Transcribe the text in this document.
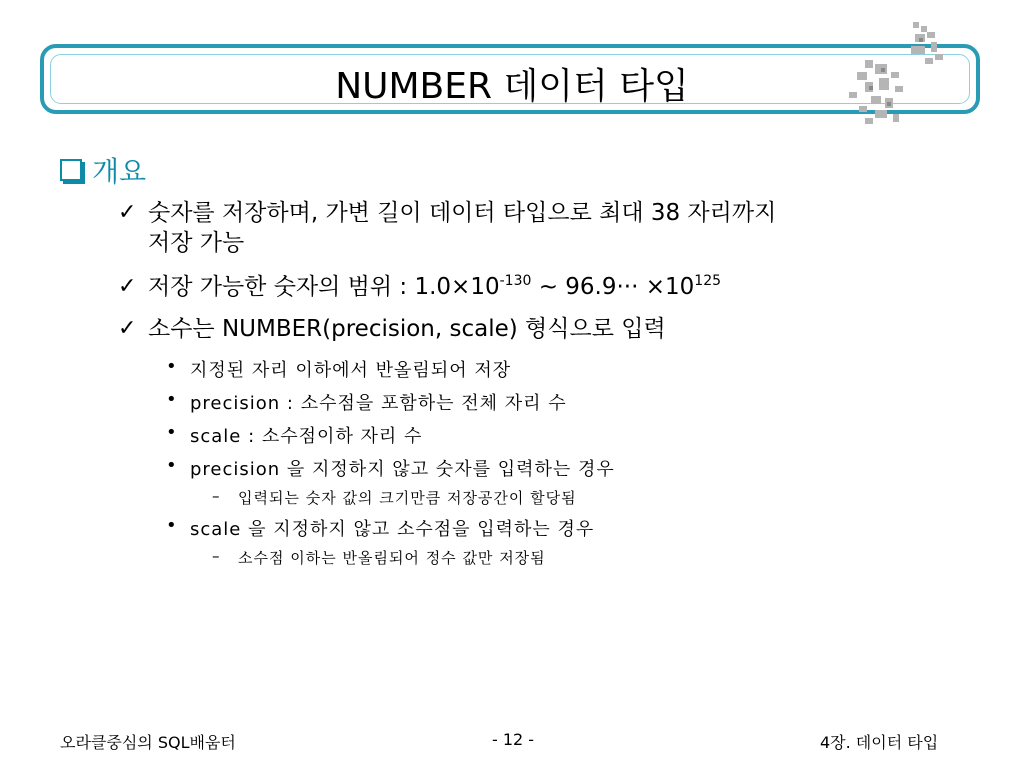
NUMBER 데이터 타입
개요
✓ 숫자를 저장하며, 가변 길이 데이터 타입으로 최대 38 자리까지
저장 가능
✓ 저장 가능한 숫자의 범위 : $1.0\times 10^{-130}$ ~ $96.9\cdot\cdot\cdot \times 10^{125}$
✓ 소수는 NUMBER(precision, scale) 형식으로 입력
• 지정된 자리 이하에서 반올림되어 저장
• precision : 소수점을 포함하는 전체 자리 수
• scale : 소수점이하 자리 수
• precision 을 지정하지 않고 숫자를 입력하는 경우
– 입력되는 숫자 값의 크기만큼 저장공간이 할당됨
• scale 을 지정하지 않고 소수점을 입력하는 경우
– 소수점 이하는 반올림되어 정수 값만 저장됨
오라클중심의 SQL배움터	- 12 -	4장. 데이터 타입
